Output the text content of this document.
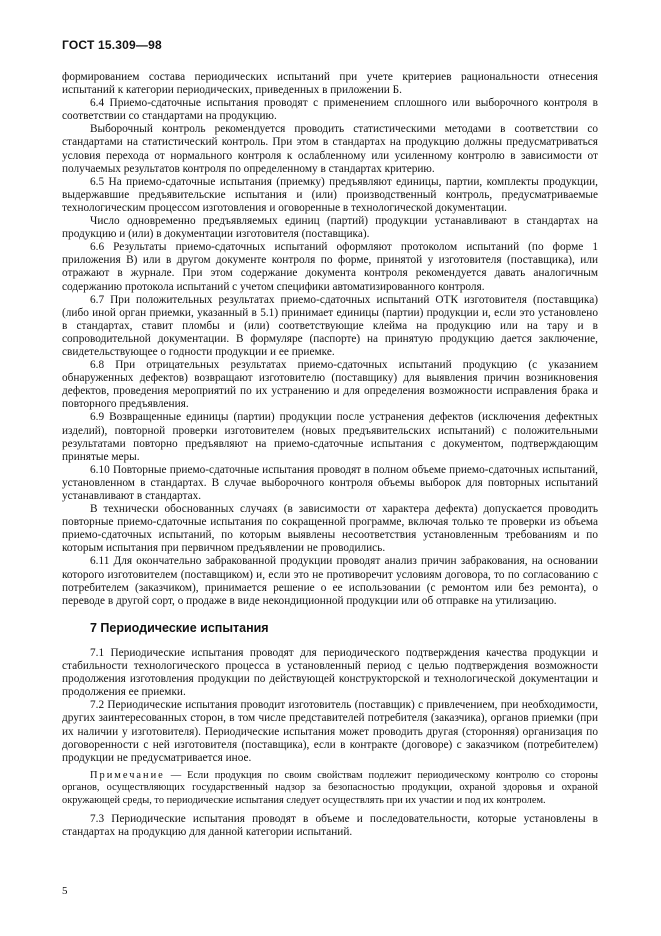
ГОСТ 15.309—98

формированием состава периодических испытаний при учете критериев рациональности отнесения испытаний к категории периодических, приведенных в приложении Б.

6.4 Приемо-сдаточные испытания проводят с применением сплошного или выборочного контроля в соответствии со стандартами на продукцию.

Выборочный контроль рекомендуется проводить статистическими методами в соответствии со стандартами на статистический контроль. При этом в стандартах на продукцию должны предусматриваться условия перехода от нормального контроля к ослабленному или усиленному контролю в зависимости от получаемых результатов контроля по определенному в стандартах критерию.

6.5 На приемо-сдаточные испытания (приемку) предъявляют единицы, партии, комплекты продукции, выдержавшие предъявительские испытания и (или) производственный контроль, предусматриваемые технологическим процессом изготовления и оговоренные в технологической документации.

Число одновременно предъявляемых единиц (партий) продукции устанавливают в стандартах на продукцию и (или) в документации изготовителя (поставщика).

6.6 Результаты приемо-сдаточных испытаний оформляют протоколом испытаний (по форме 1 приложения В) или в другом документе контроля по форме, принятой у изготовителя (поставщика), или отражают в журнале. При этом содержание документа контроля рекомендуется давать аналогичным содержанию протокола испытаний с учетом специфики автоматизированного контроля.

6.7 При положительных результатах приемо-сдаточных испытаний ОТК изготовителя (поставщика) (либо иной орган приемки, указанный в 5.1) принимает единицы (партии) продукции и, если это установлено в стандартах, ставит пломбы и (или) соответствующие клейма на продукцию или на тару и в сопроводительной документации. В формуляре (паспорте) на принятую продукцию дается заключение, свидетельствующее о годности продукции и ее приемке.

6.8 При отрицательных результатах приемо-сдаточных испытаний продукцию (с указанием обнаруженных дефектов) возвращают изготовителю (поставщику) для выявления причин возникновения дефектов, проведения мероприятий по их устранению и для определения возможности исправления брака и повторного предъявления.

6.9 Возвращенные единицы (партии) продукции после устранения дефектов (исключения дефектных изделий), повторной проверки изготовителем (новых предъявительских испытаний) с положительными результатами повторно предъявляют на приемо-сдаточные испытания с документом, подтверждающим принятые меры.

6.10 Повторные приемо-сдаточные испытания проводят в полном объеме приемо-сдаточных испытаний, установленном в стандартах. В случае выборочного контроля объемы выборок для повторных испытаний устанавливают в стандартах.

В технически обоснованных случаях (в зависимости от характера дефекта) допускается проводить повторные приемо-сдаточные испытания по сокращенной программе, включая только те проверки из объема приемо-сдаточных испытаний, по которым выявлены несоответствия установленным требованиям и по которым испытания при первичном предъявлении не проводились.

6.11 Для окончательно забракованной продукции проводят анализ причин забракования, на основании которого изготовителем (поставщиком) и, если это не противоречит условиям договора, то по согласованию с потребителем (заказчиком), принимается решение о ее использовании (с ремонтом или без ремонта), о переводе в другой сорт, о продаже в виде некондиционной продукции или об отправке на утилизацию.

7 Периодические испытания

7.1 Периодические испытания проводят для периодического подтверждения качества продукции и стабильности технологического процесса в установленный период с целью подтверждения возможности продолжения изготовления продукции по действующей конструкторской и технологической документации и продолжения ее приемки.

7.2 Периодические испытания проводит изготовитель (поставщик) с привлечением, при необходимости, других заинтересованных сторон, в том числе представителей потребителя (заказчика), органов приемки (при их наличии у изготовителя). Периодические испытания может проводить другая (сторонняя) организация по договоренности с ней изготовителя (поставщика), если в контракте (договоре) с заказчиком (потребителем) продукции не предусматривается иное.

Примечание — Если продукция по своим свойствам подлежит периодическому контролю со стороны органов, осуществляющих государственный надзор за безопасностью продукции, охраной здоровья и охраной окружающей среды, то периодические испытания следует осуществлять при их участии и под их контролем.

7.3 Периодические испытания проводят в объеме и последовательности, которые установлены в стандартах на продукцию для данной категории испытаний.

5
